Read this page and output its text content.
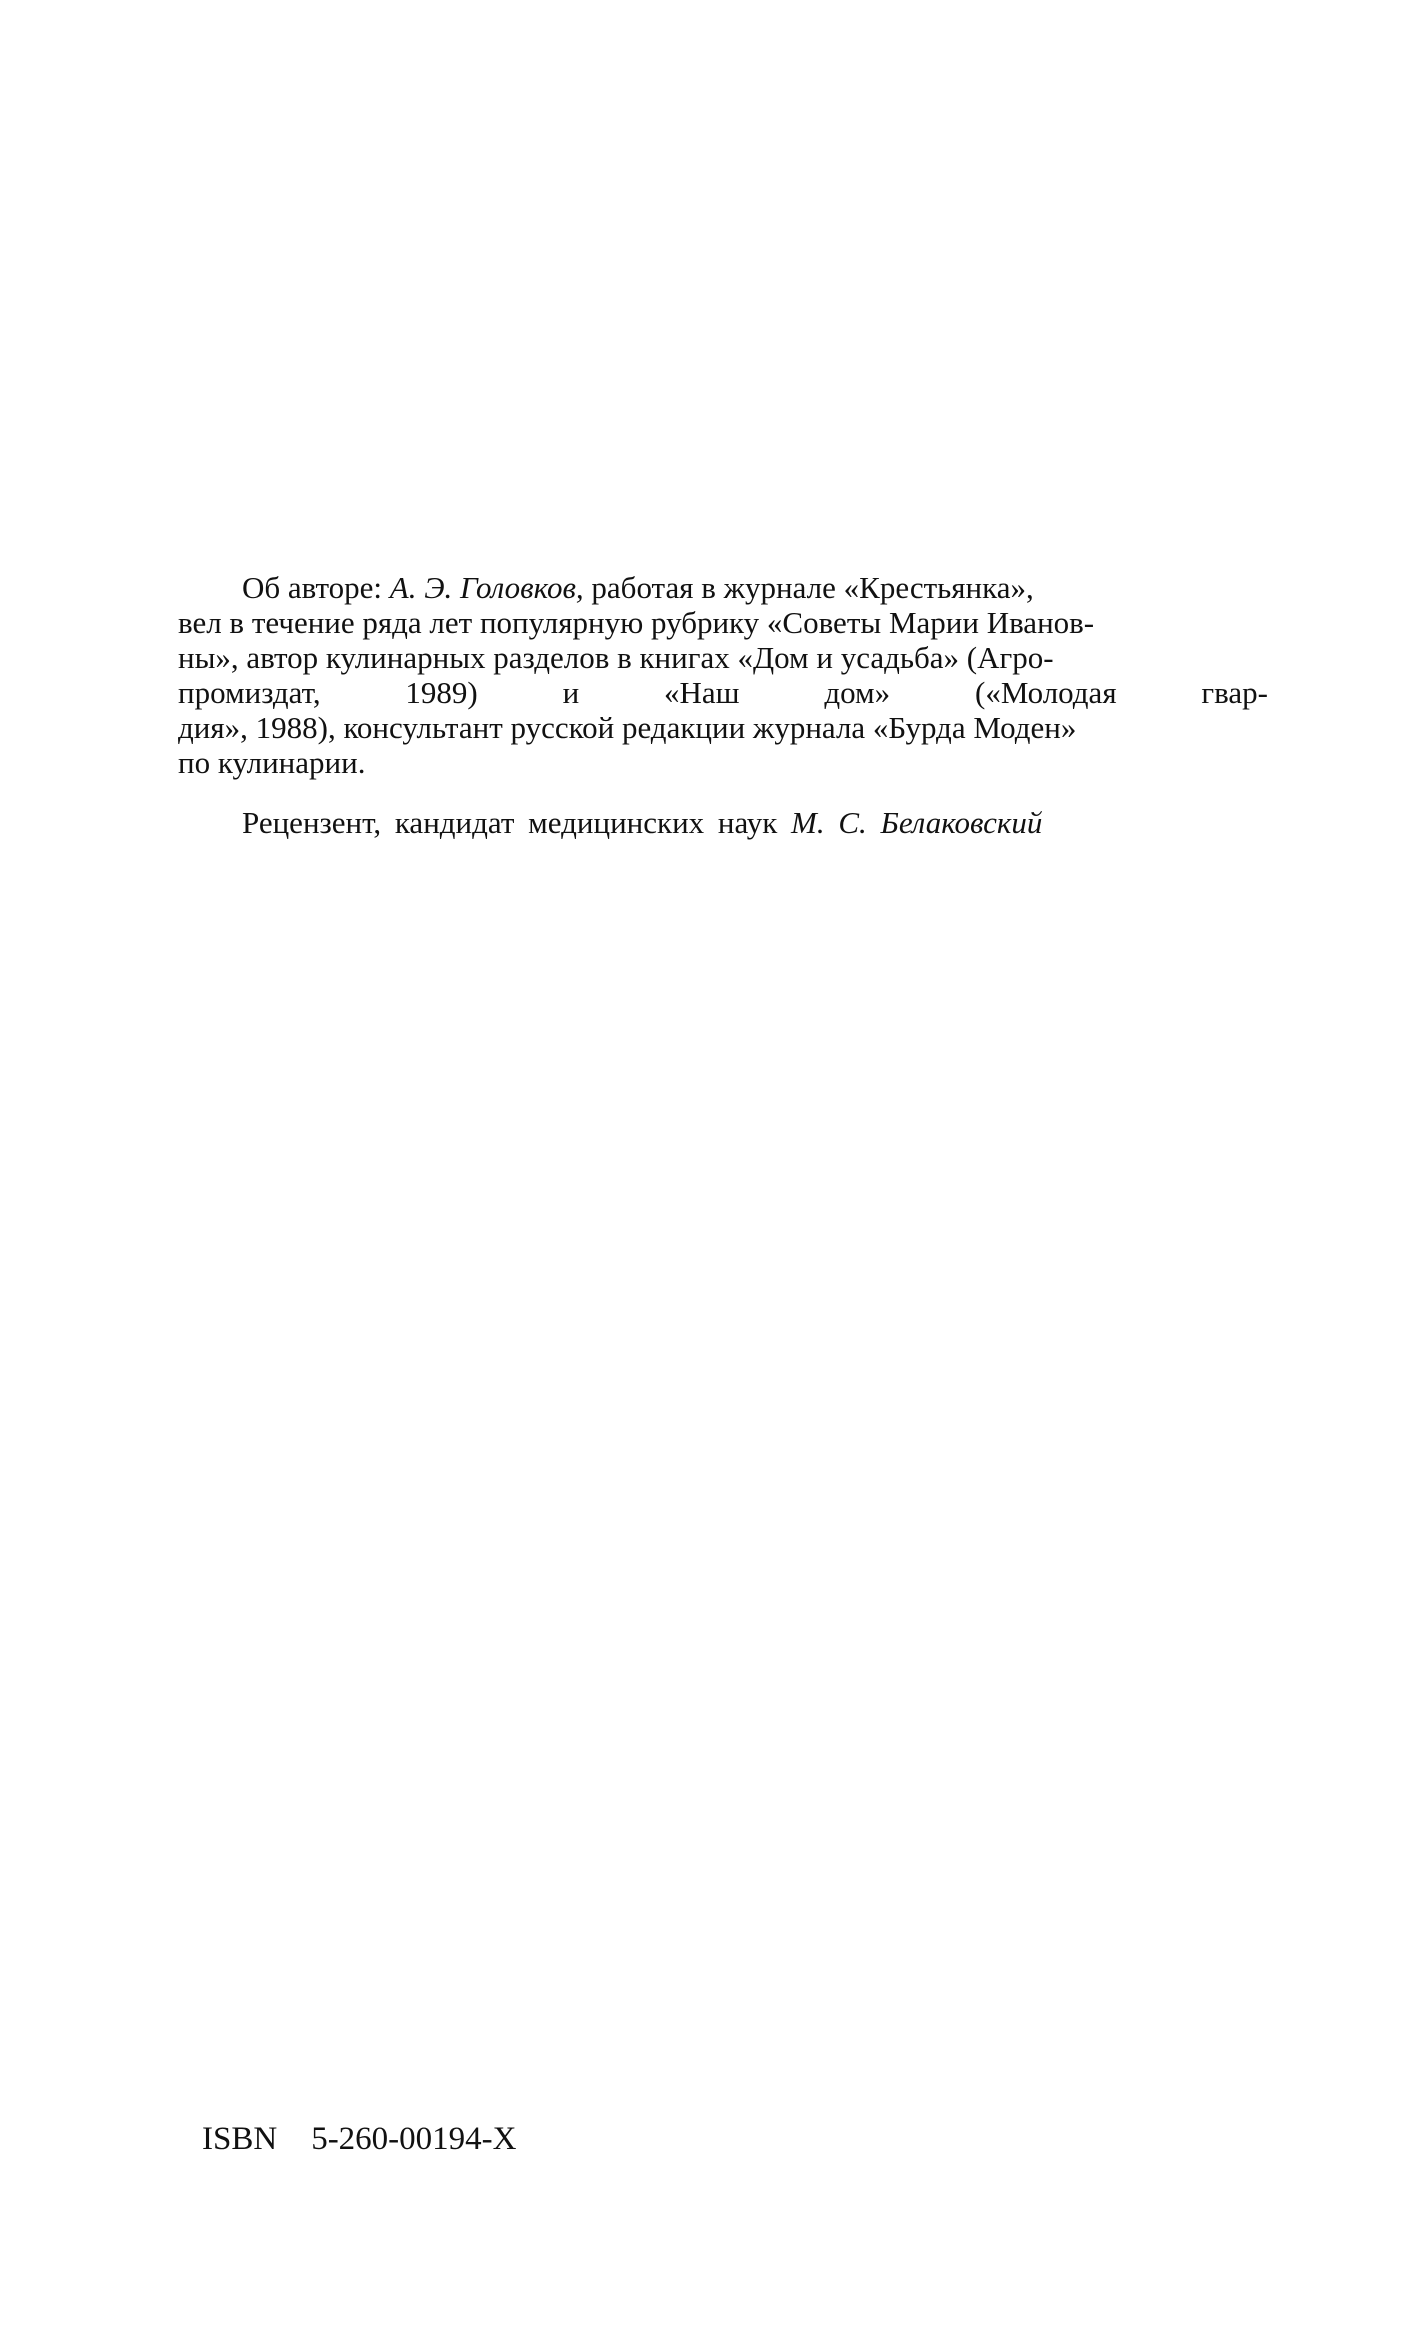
Об автоpе: А. Э. Головков, работая в журнале «Крестьянка»,
вел в течение ряда лет популярную рубрику «Советы Марии Иванов-
ны», автор кулинарных разделов в книгах «Дом и усадьба» (Агро-
промиздат,	1989)	и	«Наш	дом»	(«Молодая	гвар-
дия», 1988), консультант русской редакции журнала «Бурда Моден»
по кулинарии.

Рецензент, кандидат медицинских наук М. С. Белаковский

ISBN 5-260-00194-X
